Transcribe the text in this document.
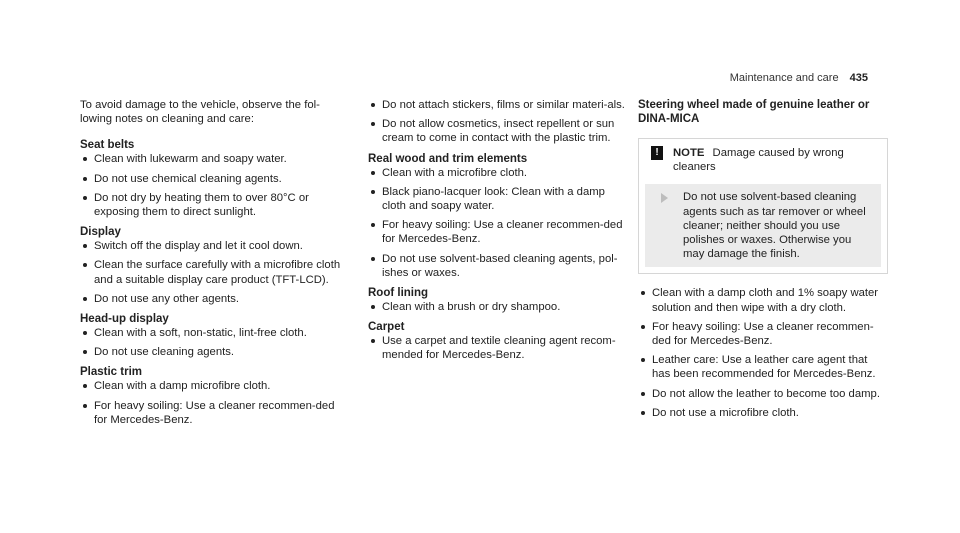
Maintenance and care 435

To avoid damage to the vehicle, observe the fol-
lowing notes on cleaning and care:

Seat belts
Clean with lukewarm and soapy water.
Do not use chemical cleaning agents.
Do not dry by heating them to over 80°C or exposing them to direct sunlight.
Display
Switch off the display and let it cool down.
Clean the surface carefully with a microfibre cloth and a suitable display care product (TFT-LCD).
Do not use any other agents.
Head-up display
Clean with a soft, non-static, lint-free cloth.
Do not use cleaning agents.
Plastic trim
Clean with a damp microfibre cloth.
For heavy soiling: Use a cleaner recommen-ded for Mercedes-Benz.
Do not attach stickers, films or similar materi-als.
Do not allow cosmetics, insect repellent or sun cream to come in contact with the plastic trim.
Real wood and trim elements
Clean with a microfibre cloth.
Black piano-lacquer look: Clean with a damp cloth and soapy water.
For heavy soiling: Use a cleaner recommen-ded for Mercedes-Benz.
Do not use solvent-based cleaning agents, pol-ishes or waxes.
Roof lining
Clean with a brush or dry shampoo.
Carpet
Use a carpet and textile cleaning agent recom-mended for Mercedes-Benz.
Steering wheel made of genuine leather or DINA-MICA
!	NOTE Damage caused by wrong cleaners
Do not use solvent-based cleaning agents such as tar remover or wheel cleaner; neither should you use polishes or waxes. Otherwise you may damage the finish.
Clean with a damp cloth and 1% soapy water solution and then wipe with a dry cloth.
For heavy soiling: Use a cleaner recommen-ded for Mercedes-Benz.
Leather care: Use a leather care agent that has been recommended for Mercedes-Benz.
Do not allow the leather to become too damp.
Do not use a microfibre cloth.
